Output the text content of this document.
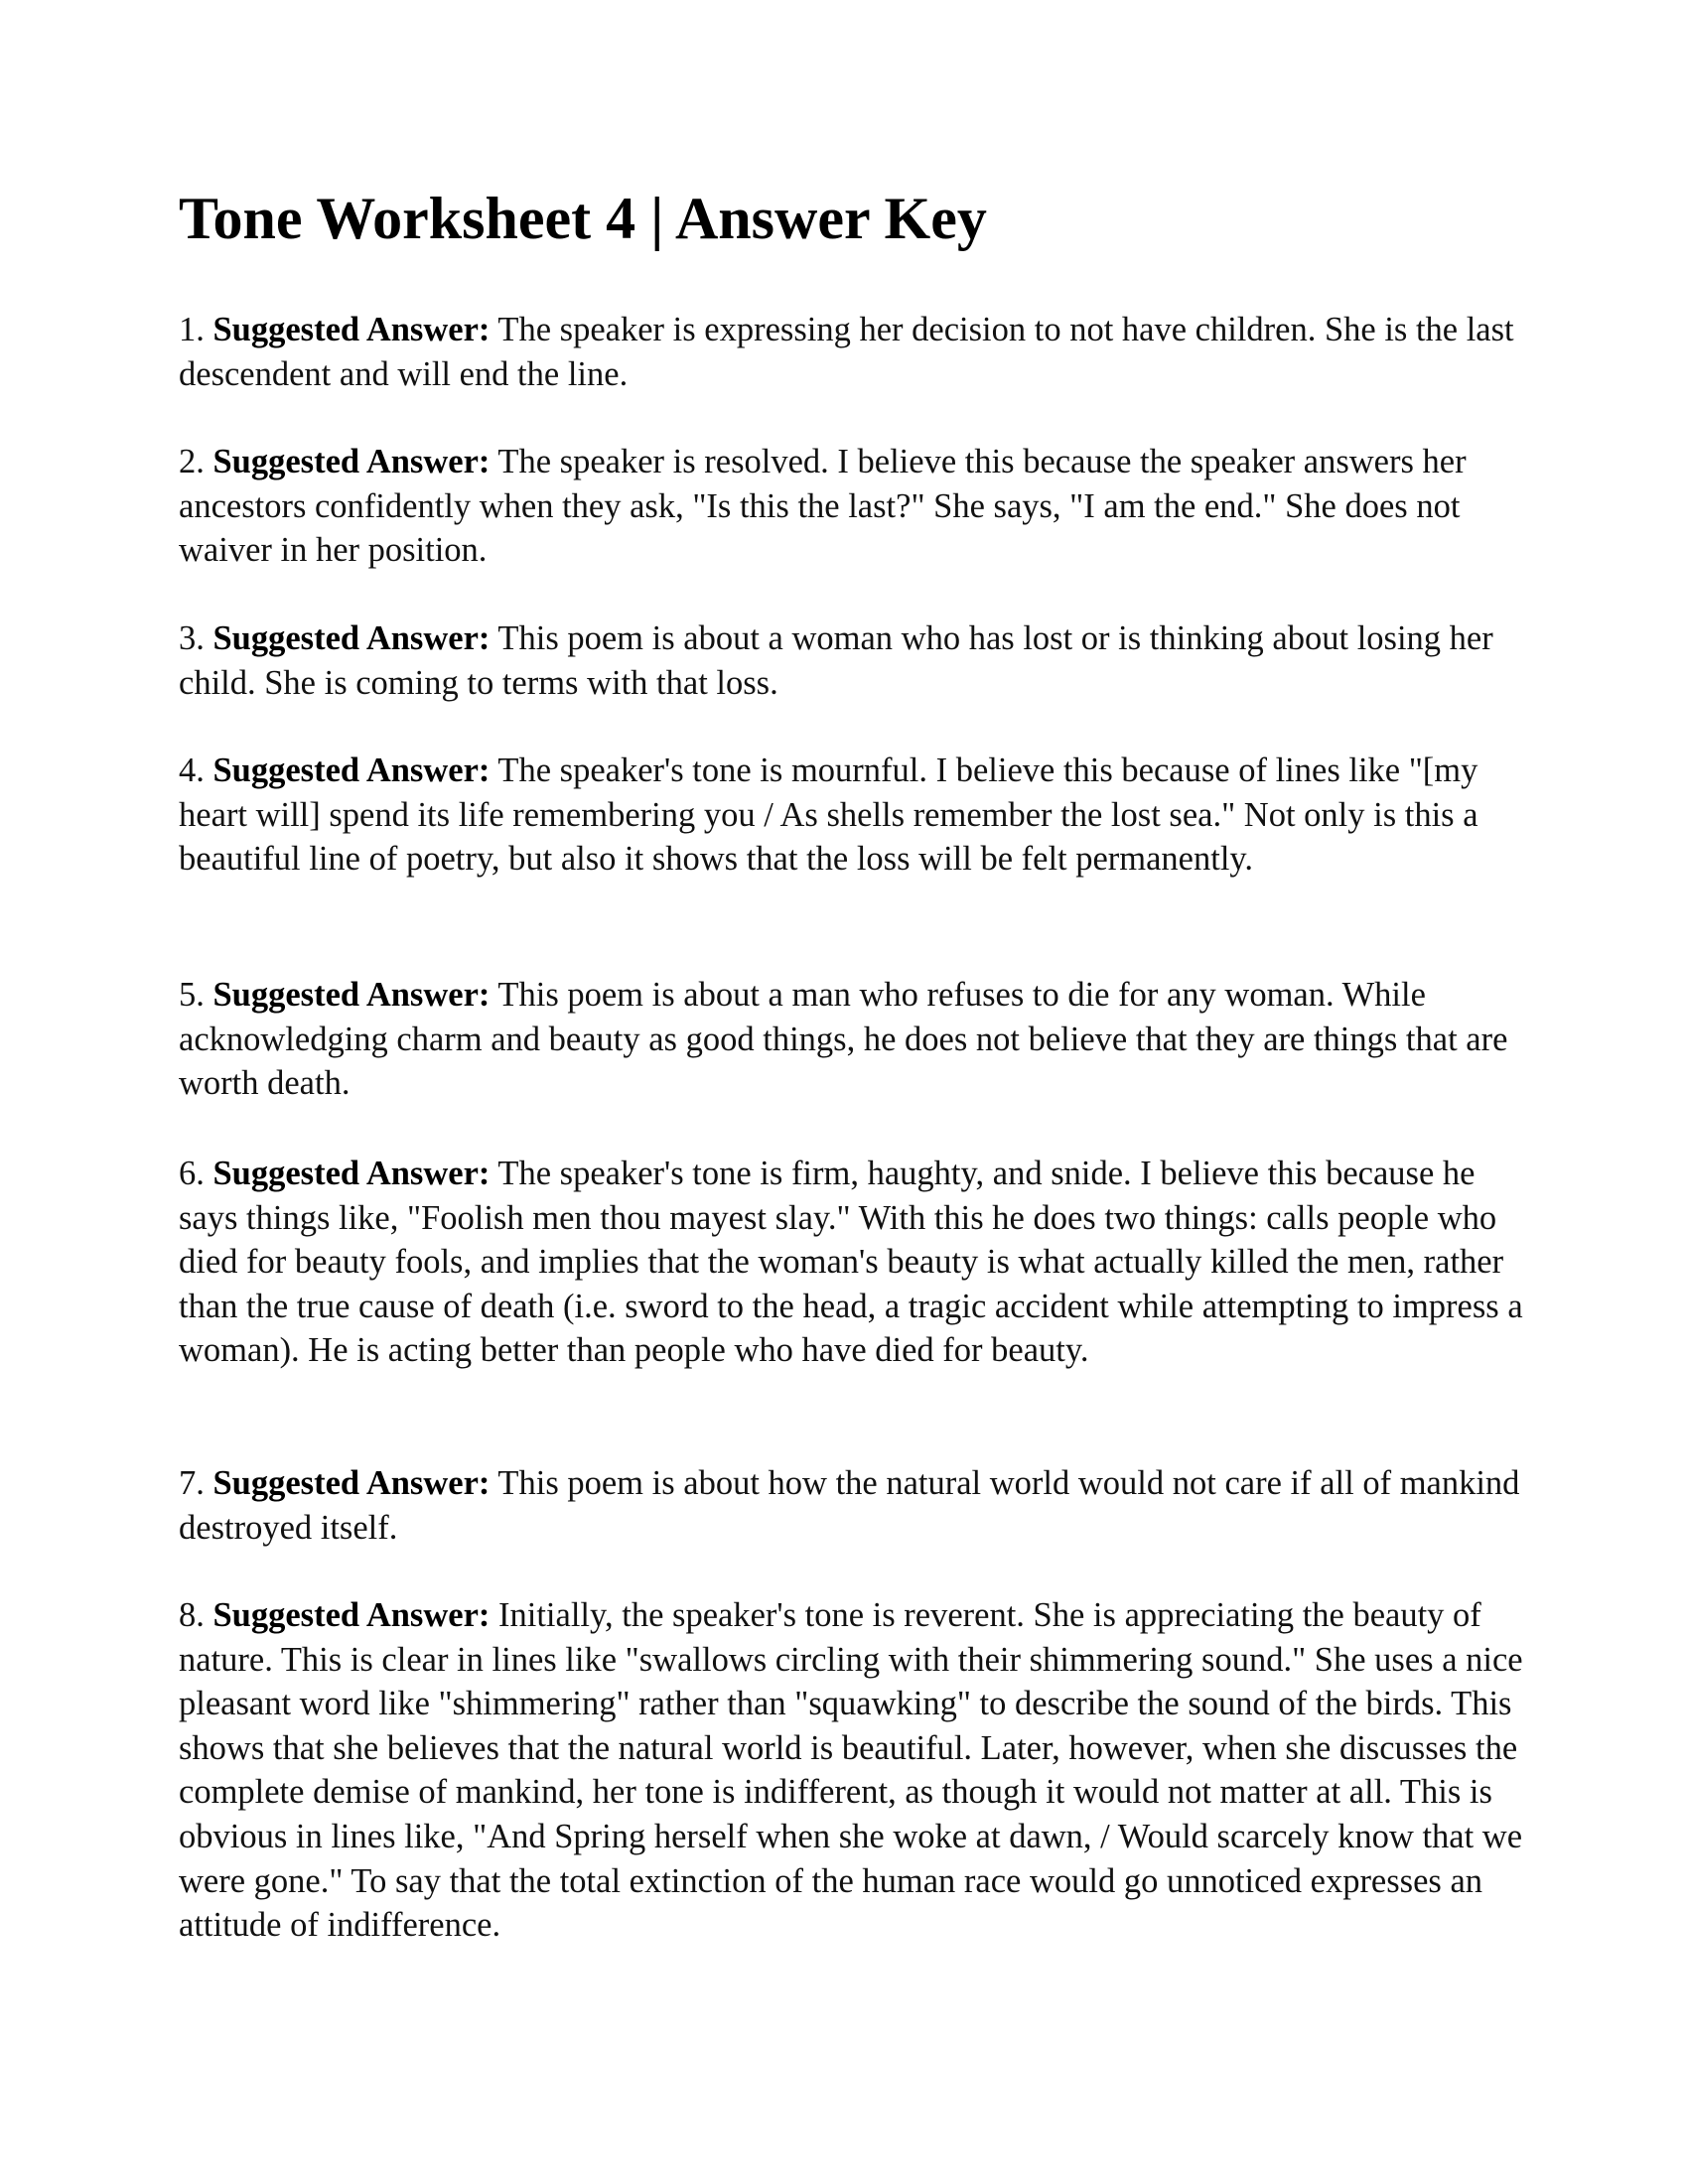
Tone Worksheet 4 | Answer Key

1. Suggested Answer: The speaker is expressing her decision to not have children. She is the last descendent and will end the line.

2. Suggested Answer: The speaker is resolved. I believe this because the speaker answers her ancestors confidently when they ask, "Is this the last?" She says, "I am the end." She does not waiver in her position.

3. Suggested Answer: This poem is about a woman who has lost or is thinking about losing her child. She is coming to terms with that loss.

4. Suggested Answer: The speaker's tone is mournful. I believe this because of lines like "[my heart will] spend its life remembering you / As shells remember the lost sea." Not only is this a beautiful line of poetry, but also it shows that the loss will be felt permanently.

5. Suggested Answer: This poem is about a man who refuses to die for any woman. While acknowledging charm and beauty as good things, he does not believe that they are things that are worth death.

6. Suggested Answer: The speaker's tone is firm, haughty, and snide. I believe this because he says things like, "Foolish men thou mayest slay." With this he does two things: calls people who died for beauty fools, and implies that the woman's beauty is what actually killed the men, rather than the true cause of death (i.e. sword to the head, a tragic accident while attempting to impress a woman). He is acting better than people who have died for beauty.

7. Suggested Answer: This poem is about how the natural world would not care if all of mankind destroyed itself.

8. Suggested Answer: Initially, the speaker's tone is reverent. She is appreciating the beauty of nature. This is clear in lines like "swallows circling with their shimmering sound." She uses a nice pleasant word like "shimmering" rather than "squawking" to describe the sound of the birds. This shows that she believes that the natural world is beautiful. Later, however, when she discusses the complete demise of mankind, her tone is indifferent, as though it would not matter at all. This is obvious in lines like, "And Spring herself when she woke at dawn, / Would scarcely know that we were gone." To say that the total extinction of the human race would go unnoticed expresses an attitude of indifference.
